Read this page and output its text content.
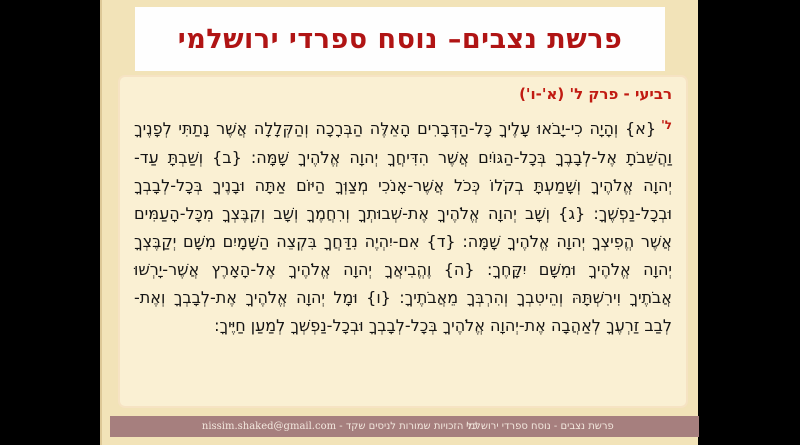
פרשת נצבים– נוסח ספרדי ירושלמי
רביעי - פרק ל' (א'-ו')
$^{ל'}${א} וְהָיָה כִי-יָבֹאוּ עָלֶיךָ כָּל-הַדְּבָרִים הָאֵלֶּה הַבְּרָכָה וְהַקְּלָלָה אֲשֶׁר נָתַתִּי לְפָנֶיךָ
וַהֲשֵׁבֹתָ אֶל-לְבָבֶךָ בְּכָל-הַגּוֹיִם אֲשֶׁר הִדִּיחֲךָ יְהוָה אֱלֹהֶיךָ שָׁמָּה: {ב} וְשַׁבְתָּ עַד-
יְהוָה אֱלֹהֶיךָ וְשָׁמַעְתָּ בְקֹלוֹ כְּכֹל אֲשֶׁר-אָנֹכִי מְצַוְּךָ הַיּוֹם אַתָּה וּבָנֶיךָ בְּכָל-לְבָבְךָ
וּבְכָל-נַפְשֶׁךָ: {ג} וְשָׁב יְהוָה אֱלֹהֶיךָ אֶת-שְׁבוּתְךָ וְרִחֲמֶךָ וְשָׁב וְקִבֶּצְךָ מִכָּל-הָעַמִּים
אֲשֶׁר הֱפִיצְךָ יְהוָה אֱלֹהֶיךָ שָׁמָּה: {ד} אִם-יִהְיֶה נִדַּחֲךָ בִּקְצֵה הַשָּׁמָיִם מִשָּׁם יְקַבֶּצְךָ
יְהוָה אֱלֹהֶיךָ וּמִשָּׁם יִקָּחֶךָ: {ה} וֶהֱבִיאֲךָ יְהוָה אֱלֹהֶיךָ אֶל-הָאָרֶץ אֲשֶׁר-יָרְשׁוּ
אֲבֹתֶיךָ וִירִשְׁתָּהּ וְהֵיטִבְךָ וְהִרְבְּךָ מֵאֲבֹתֶיךָ: {ו} וּמָל יְהוָה אֱלֹהֶיךָ אֶת-לְבָבְךָ וְאֶת-
לְבַב זַרְעֶךָ לְאַהֲבָה אֶת-יְהוָה אֱלֹהֶיךָ בְּכָל-לְבָבְךָ וּבְכָל-נַפְשְׁךָ לְמַעַן חַיֶּיךָ:
כל הזכויות שמורות לניסים שקד - nissim.shaked@gmail.com
פרשת נצבים - נוסח ספרדי ירושלמי
